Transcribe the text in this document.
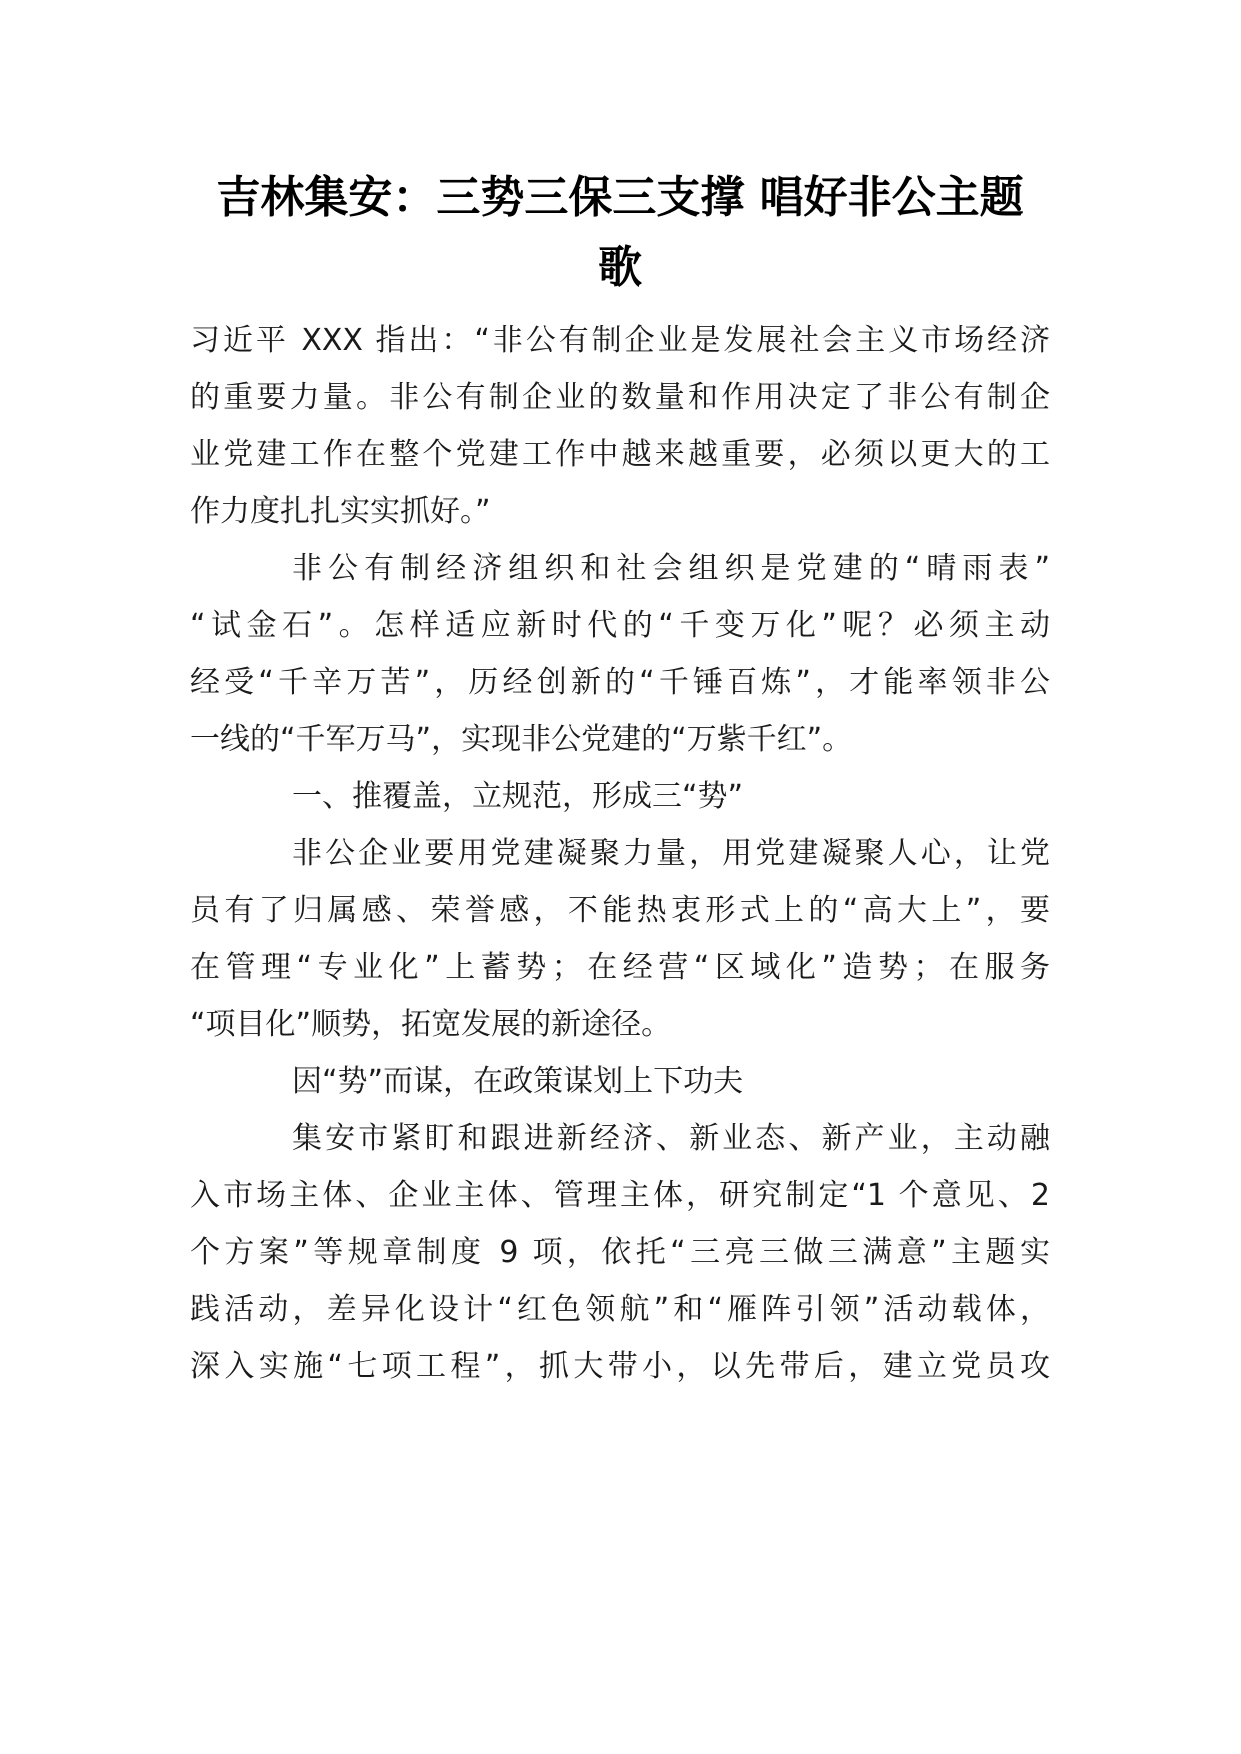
吉林集安：三势三保三支撑 唱好非公主题
歌

习近平 XXX 指出：“非公有制企业是发展社会主义市场经济

的重要力量。非公有制企业的数量和作用决定了非公有制企

业党建工作在整个党建工作中越来越重要，必须以更大的工

作力度扎扎实实抓好。”

非公有制经济组织和社会组织是党建的“晴雨表”

“试金石”。怎样适应新时代的“千变万化”呢？必须主动

经受“千辛万苦”，历经创新的“千锤百炼”，才能率领非公

一线的“千军万马”，实现非公党建的“万紫千红”。

一、推覆盖，立规范，形成三“势”

非公企业要用党建凝聚力量，用党建凝聚人心，让党

员有了归属感、荣誉感，不能热衷形式上的“高大上”，要

在管理“专业化”上蓄势；在经营“区域化”造势；在服务

“项目化”顺势，拓宽发展的新途径。

因“势”而谋，在政策谋划上下功夫

集安市紧盯和跟进新经济、新业态、新产业，主动融

入市场主体、企业主体、管理主体，研究制定“1 个意见、2

个方案”等规章制度 9 项，依托“三亮三做三满意”主题实

践活动，差异化设计“红色领航”和“雁阵引领”活动载体，

深入实施“七项工程”，抓大带小，以先带后，建立党员攻
